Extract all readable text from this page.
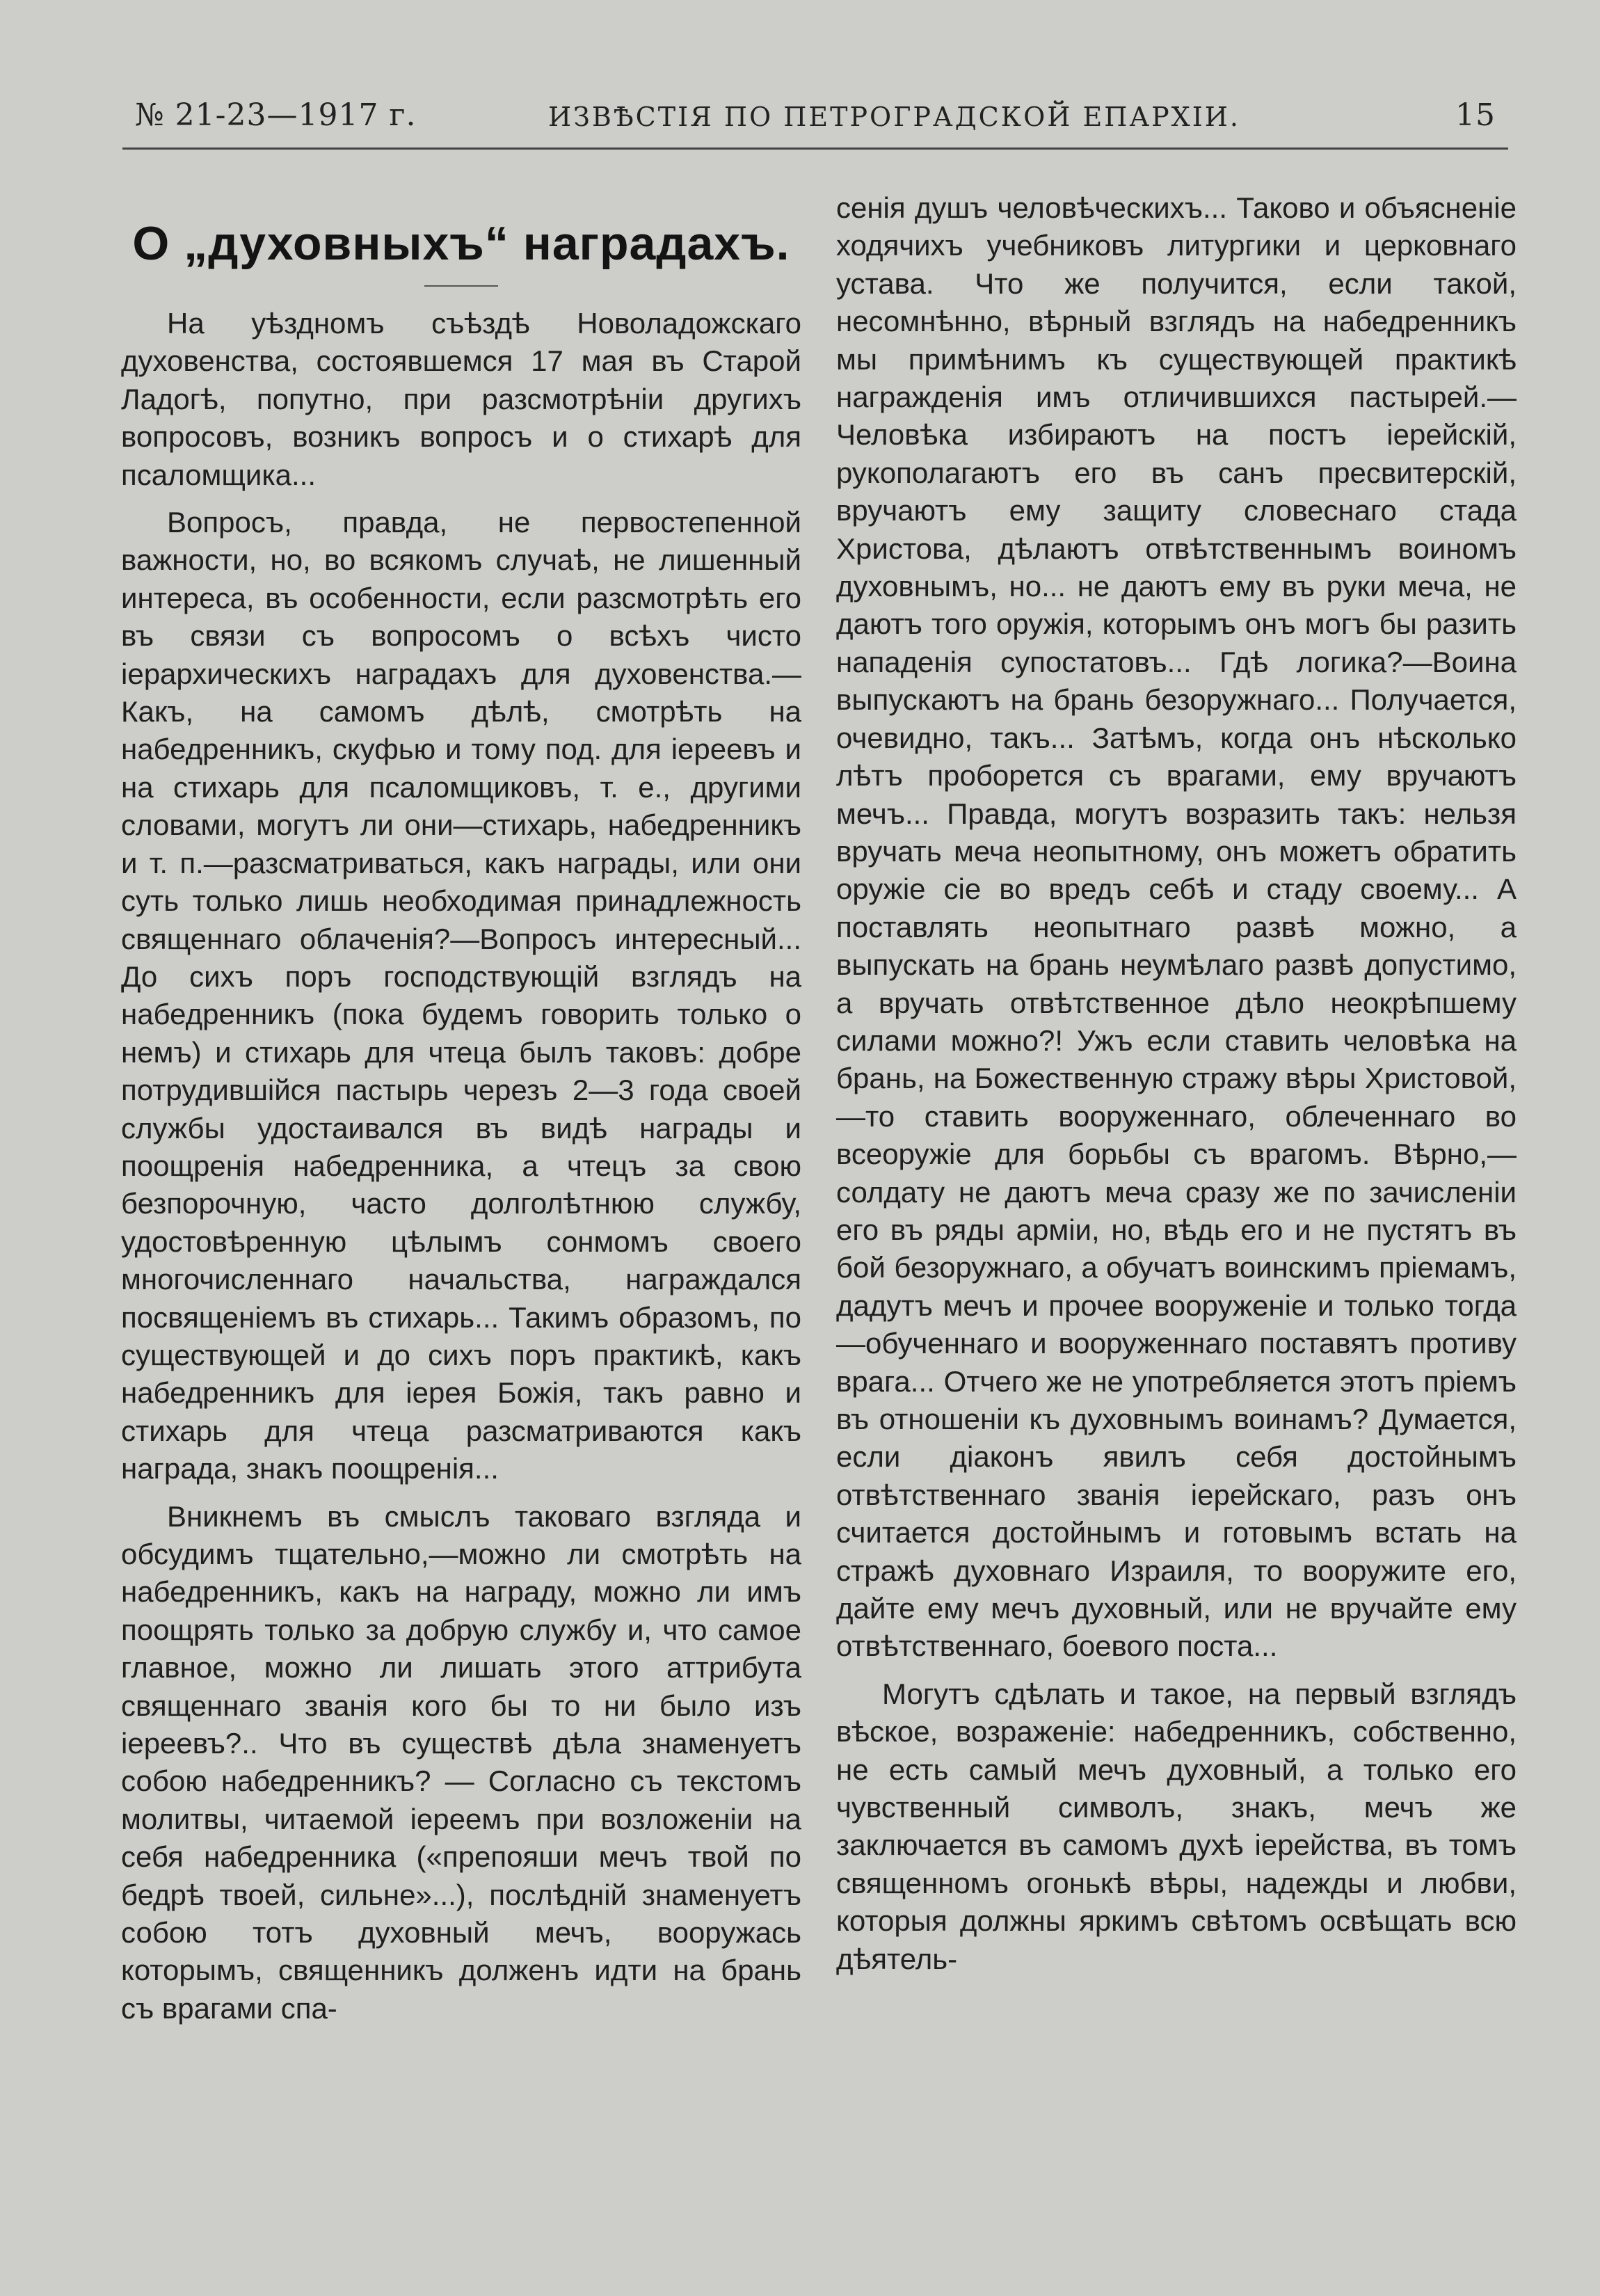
№ 21-23—1917 г.	ИЗВѢСТІЯ ПО ПЕТРОГРАДСКОЙ ЕПАРХІИ.	15
О „духовныхъ“ наградахъ.

На уѣздномъ съѣздѣ Новоладожскаго духовенства, состоявшемся 17 мая въ Старой Ладогѣ, попутно, при разсмотрѣніи другихъ вопросовъ, возникъ вопросъ и о стихарѣ для псаломщика...

Вопросъ, правда, не первостепенной важности, но, во всякомъ случаѣ, не лишенный интереса, въ особенности, если разсмотрѣть его въ связи съ вопросомъ о всѣхъ чисто іерархическихъ наградахъ для духовенства.—Какъ, на самомъ дѣлѣ, смотрѣть на набедренникъ, скуфью и тому под. для іереевъ и на стихарь для псаломщиковъ, т. е., другими словами, могутъ ли они—стихарь, набедренникъ и т. п.—разсматриваться, какъ награды, или они суть только лишь необходимая принадлежность священнаго облаченія?—Вопросъ интересный... До сихъ поръ господствующій взглядъ на набедренникъ (пока будемъ говорить только о немъ) и стихарь для чтеца былъ таковъ: добре потрудившійся пастырь черезъ 2—3 года своей службы удостаивался въ видѣ награды и поощренія набедренника, а чтецъ за свою безпорочную, часто долголѣтнюю службу, удостовѣренную цѣлымъ сонмомъ своего многочисленнаго начальства, награждался посвященіемъ въ стихарь... Такимъ образомъ, по существующей и до сихъ поръ практикѣ, какъ набедренникъ для іерея Божія, такъ равно и стихарь для чтеца разсматриваются какъ награда, знакъ поощренія...

Вникнемъ въ смыслъ таковаго взгляда и обсудимъ тщательно,—можно ли смотрѣть на набедренникъ, какъ на награду, можно ли имъ поощрять только за добрую службу и, что самое главное, можно ли лишать этого аттрибута священнаго званія кого бы то ни было изъ іереевъ?.. Что въ существѣ дѣла знаменуетъ собою набедренникъ? — Согласно съ текстомъ молитвы, читаемой іереемъ при возложеніи на себя набедренника («препояши мечъ твой по бедрѣ твоей, сильне»...), послѣдній знаменуетъ собою тотъ духовный мечъ, вооружась которымъ, священникъ долженъ идти на брань съ врагами спа-

сенія душъ человѣческихъ... Таково и объясненіе ходячихъ учебниковъ литургики и церковнаго устава. Что же получится, если такой, несомнѣнно, вѣрный взглядъ на набедренникъ мы примѣнимъ къ существующей практикѣ награжденія имъ отличившихся пастырей.—Человѣка избираютъ на постъ іерейскій, рукополагаютъ его въ санъ пресвитерскій, вручаютъ ему защиту словеснаго стада Христова, дѣлаютъ отвѣтственнымъ воиномъ духовнымъ, но... не даютъ ему въ руки меча, не даютъ того оружія, которымъ онъ могъ бы разить нападенія супостатовъ... Гдѣ логика?—Воина выпускаютъ на брань безоружнаго... Получается, очевидно, такъ... Затѣмъ, когда онъ нѣсколько лѣтъ проборется съ врагами, ему вручаютъ мечъ... Правда, могутъ возразить такъ: нельзя вручать меча неопытному, онъ можетъ обратить оружіе сіе во вредъ себѣ и стаду своему... А поставлять неопытнаго развѣ можно, а выпускать на брань неумѣлаго развѣ допустимо, а вручать отвѣтственное дѣло неокрѣпшему силами можно?! Ужъ если ставить человѣка на брань, на Божественную стражу вѣры Христовой,—то ставить вооруженнаго, облеченнаго во всеоружіе для борьбы съ врагомъ. Вѣрно,—солдату не даютъ меча сразу же по зачисленіи его въ ряды арміи, но, вѣдь его и не пустятъ въ бой безоружнаго, а обучатъ воинскимъ пріемамъ, дадутъ мечъ и прочее вооруженіе и только тогда—обученнаго и вооруженнаго поставятъ противу врага... Отчего же не употребляется этотъ пріемъ въ отношеніи къ духовнымъ воинамъ? Думается, если діаконъ явилъ себя достойнымъ отвѣтственнаго званія іерейскаго, разъ онъ считается достойнымъ и готовымъ встать на стражѣ духовнаго Израиля, то вооружите его, дайте ему мечъ духовный, или не вручайте ему отвѣтственнаго, боевого поста...

Могутъ сдѣлать и такое, на первый взглядъ вѣское, возраженіе: набедренникъ, собственно, не есть самый мечъ духовный, а только его чувственный символъ, знакъ, мечъ же заключается въ самомъ духѣ іерейства, въ томъ священномъ огонькѣ вѣры, надежды и любви, которыя должны яркимъ свѣтомъ освѣщать всю дѣятель-
